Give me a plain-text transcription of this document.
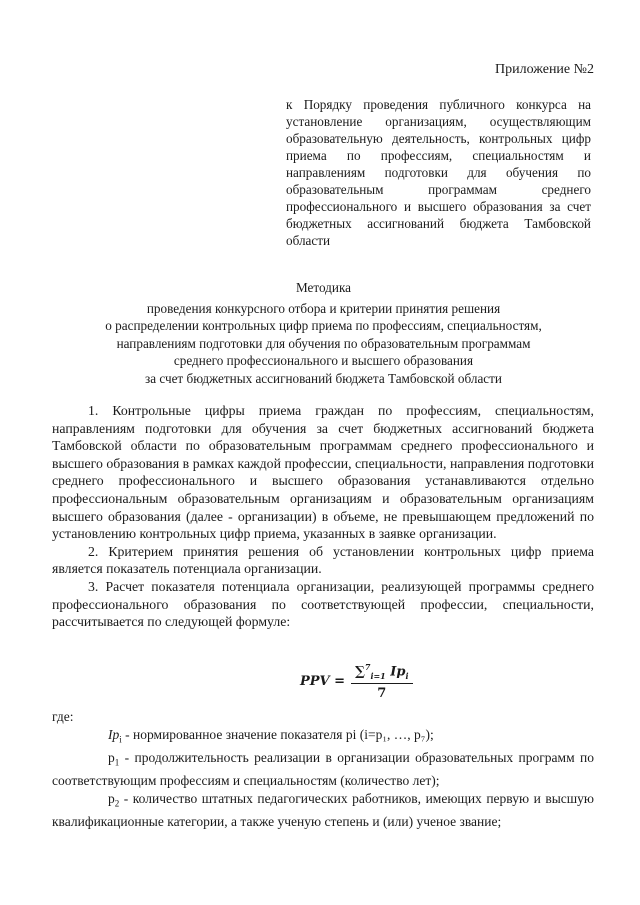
Приложение №2
к Порядку проведения публичного конкурса на установление организациям, осуществляющим образовательную деятельность, контрольных цифр приема по профессиям, специальностям и направлениям подготовки для обучения по образовательным программам среднего профессионального и высшего образования за счет бюджетных ассигнований бюджета Тамбовской области
Методика
проведения конкурсного отбора и критерии принятия решения
о распределении контрольных цифр приема по профессиям, специальностям,
направлениям подготовки для обучения по образовательным программам
среднего профессионального и высшего образования
за счет бюджетных ассигнований бюджета Тамбовской области

1. Контрольные цифры приема граждан по профессиям, специальностям, направлениям подготовки для обучения за счет бюджетных ассигнований бюджета Тамбовской области по образовательным программам среднего профессионального и высшего образования в рамках каждой профессии, специальности, направления подготовки среднего профессионального и высшего образования устанавливаются отдельно профессиональным образовательным организациям и образовательным организациям высшего образования (далее - организации) в объеме, не превышающем предложений по установлению контрольных цифр приема, указанных в заявке организации.

2. Критерием принятия решения об установлении контрольных цифр приема является показатель потенциала организации.

3. Расчет показателя потенциала организации, реализующей программы среднего профессионального образования по соответствующей профессии, специальности, рассчитывается по следующей формуле:

PPV = $\frac{\sum^7_{i=1} Ip_i}{7}$

где:

$Ip_i$ - нормированное значение показателя pi (i=p₁, …, p₇);

$p_1$ - продолжительность реализации в организации образовательных программ по соответствующим профессиям и специальностям (количество лет);

$p_2$ - количество штатных педагогических работников, имеющих первую и высшую квалификационные категории, а также ученую степень и (или) ученое звание;
